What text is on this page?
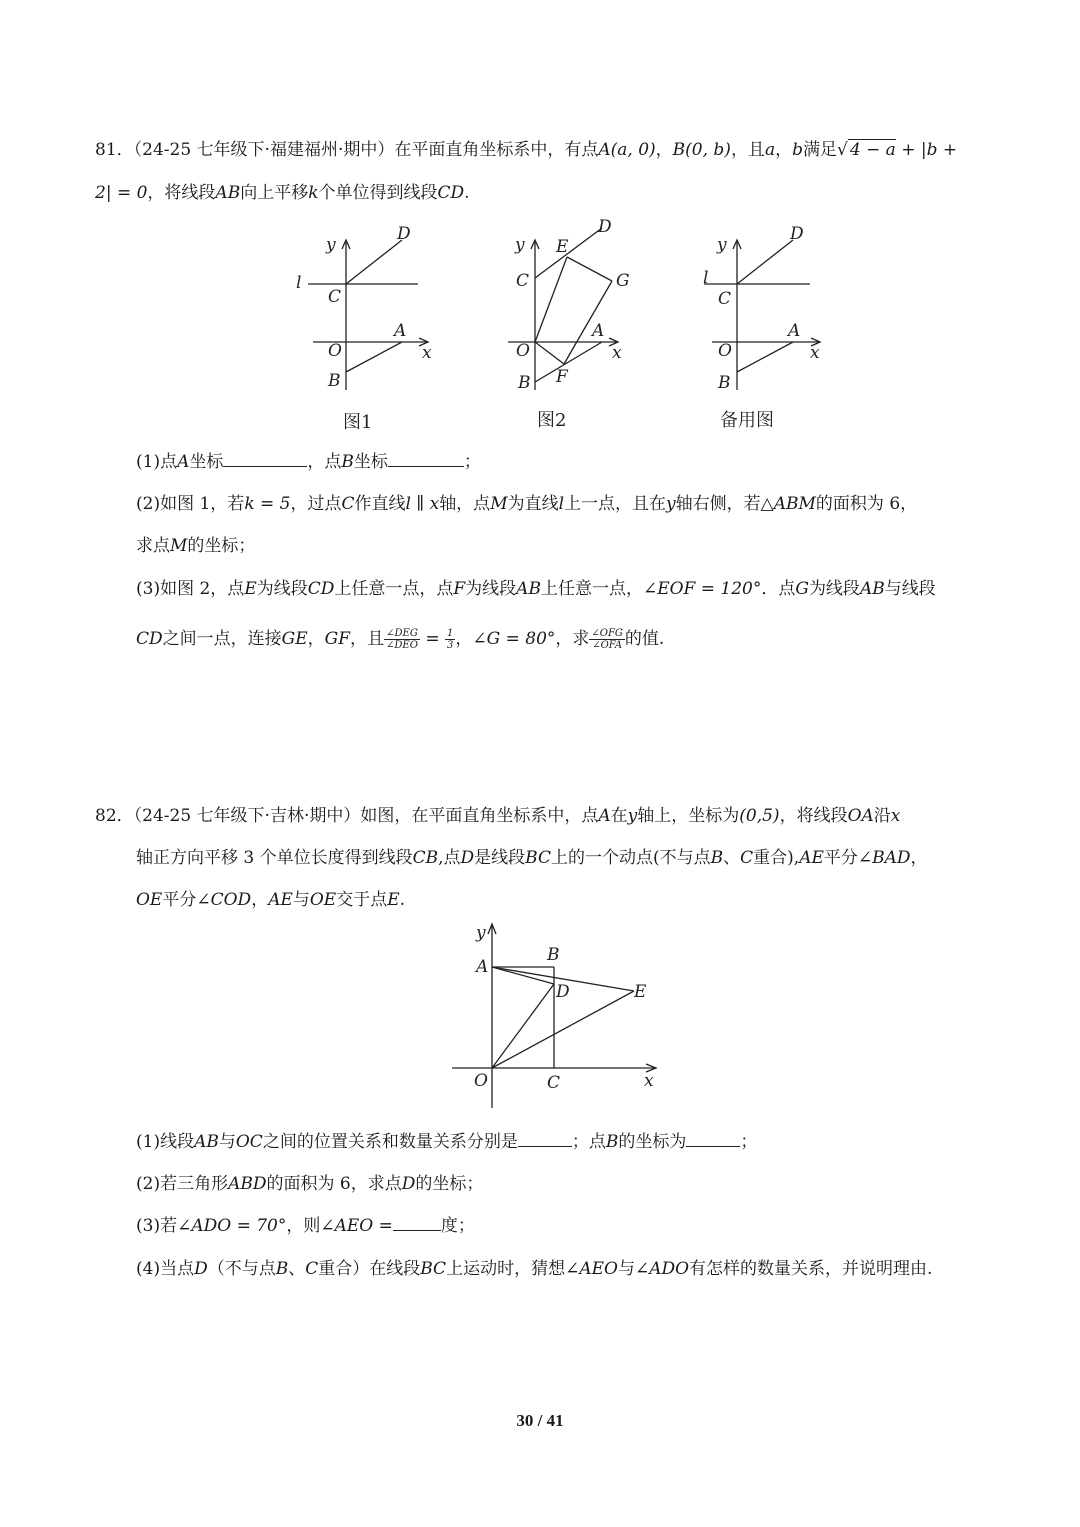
81．（24-25 七年级下·福建福州·期中）在平面直角坐标系中，有点A(a, 0)，B(0, b)，且a，b满足√ 4 − a + |b +
2| = 0，将线段AB向上平移k个单位得到线段CD.
y
D
l
C
A
O	x
B
图1
y E
D
C	G
A
O	x
B F
图2
y
D
l
C
A
O	x
B
备用图
(1)点A坐标	，点B坐标	；
(2)如图 1，若k = 5，过点C作直线l ∥ x轴，点M为直线l上一点，且在y轴右侧，若△ABM的面积为 6，
求点M的坐标；
(3)如图 2，点E为线段CD上任意一点，点F为线段AB上任意一点，∠EOF = 120°．点G为线段AB与线段
CD之间一点，连接GE，GF，且 $\frac{\text{∠DEG}}{\text{∠DEO}} = \frac{1}{3}$ ，∠G = 80°，求 $\frac{\text{∠OFG}}{\text{∠OFA}}$ 的值.
82．（24-25 七年级下·吉林·期中）如图，在平面直角坐标系中，点A在y轴上，坐标为(0,5)，将线段OA沿x
轴正方向平移 3 个单位长度得到线段CB,点D是线段BC上的一个动点(不与点B、C重合),AE平分∠BAD，
OE平分∠COD，AE与OE交于点E.
y
B
A
D	E
O	C	x
(1)线段AB与OC之间的位置关系和数量关系分别是	；点B的坐标为	；
(2)若三角形ABD的面积为 6，求点D的坐标；
(3)若∠ADO = 70°，则∠AEO =	度；
(4)当点D（不与点B、C重合）在线段BC上运动时，猜想∠AEO与∠ADO有怎样的数量关系，并说明理由.
30 / 41
